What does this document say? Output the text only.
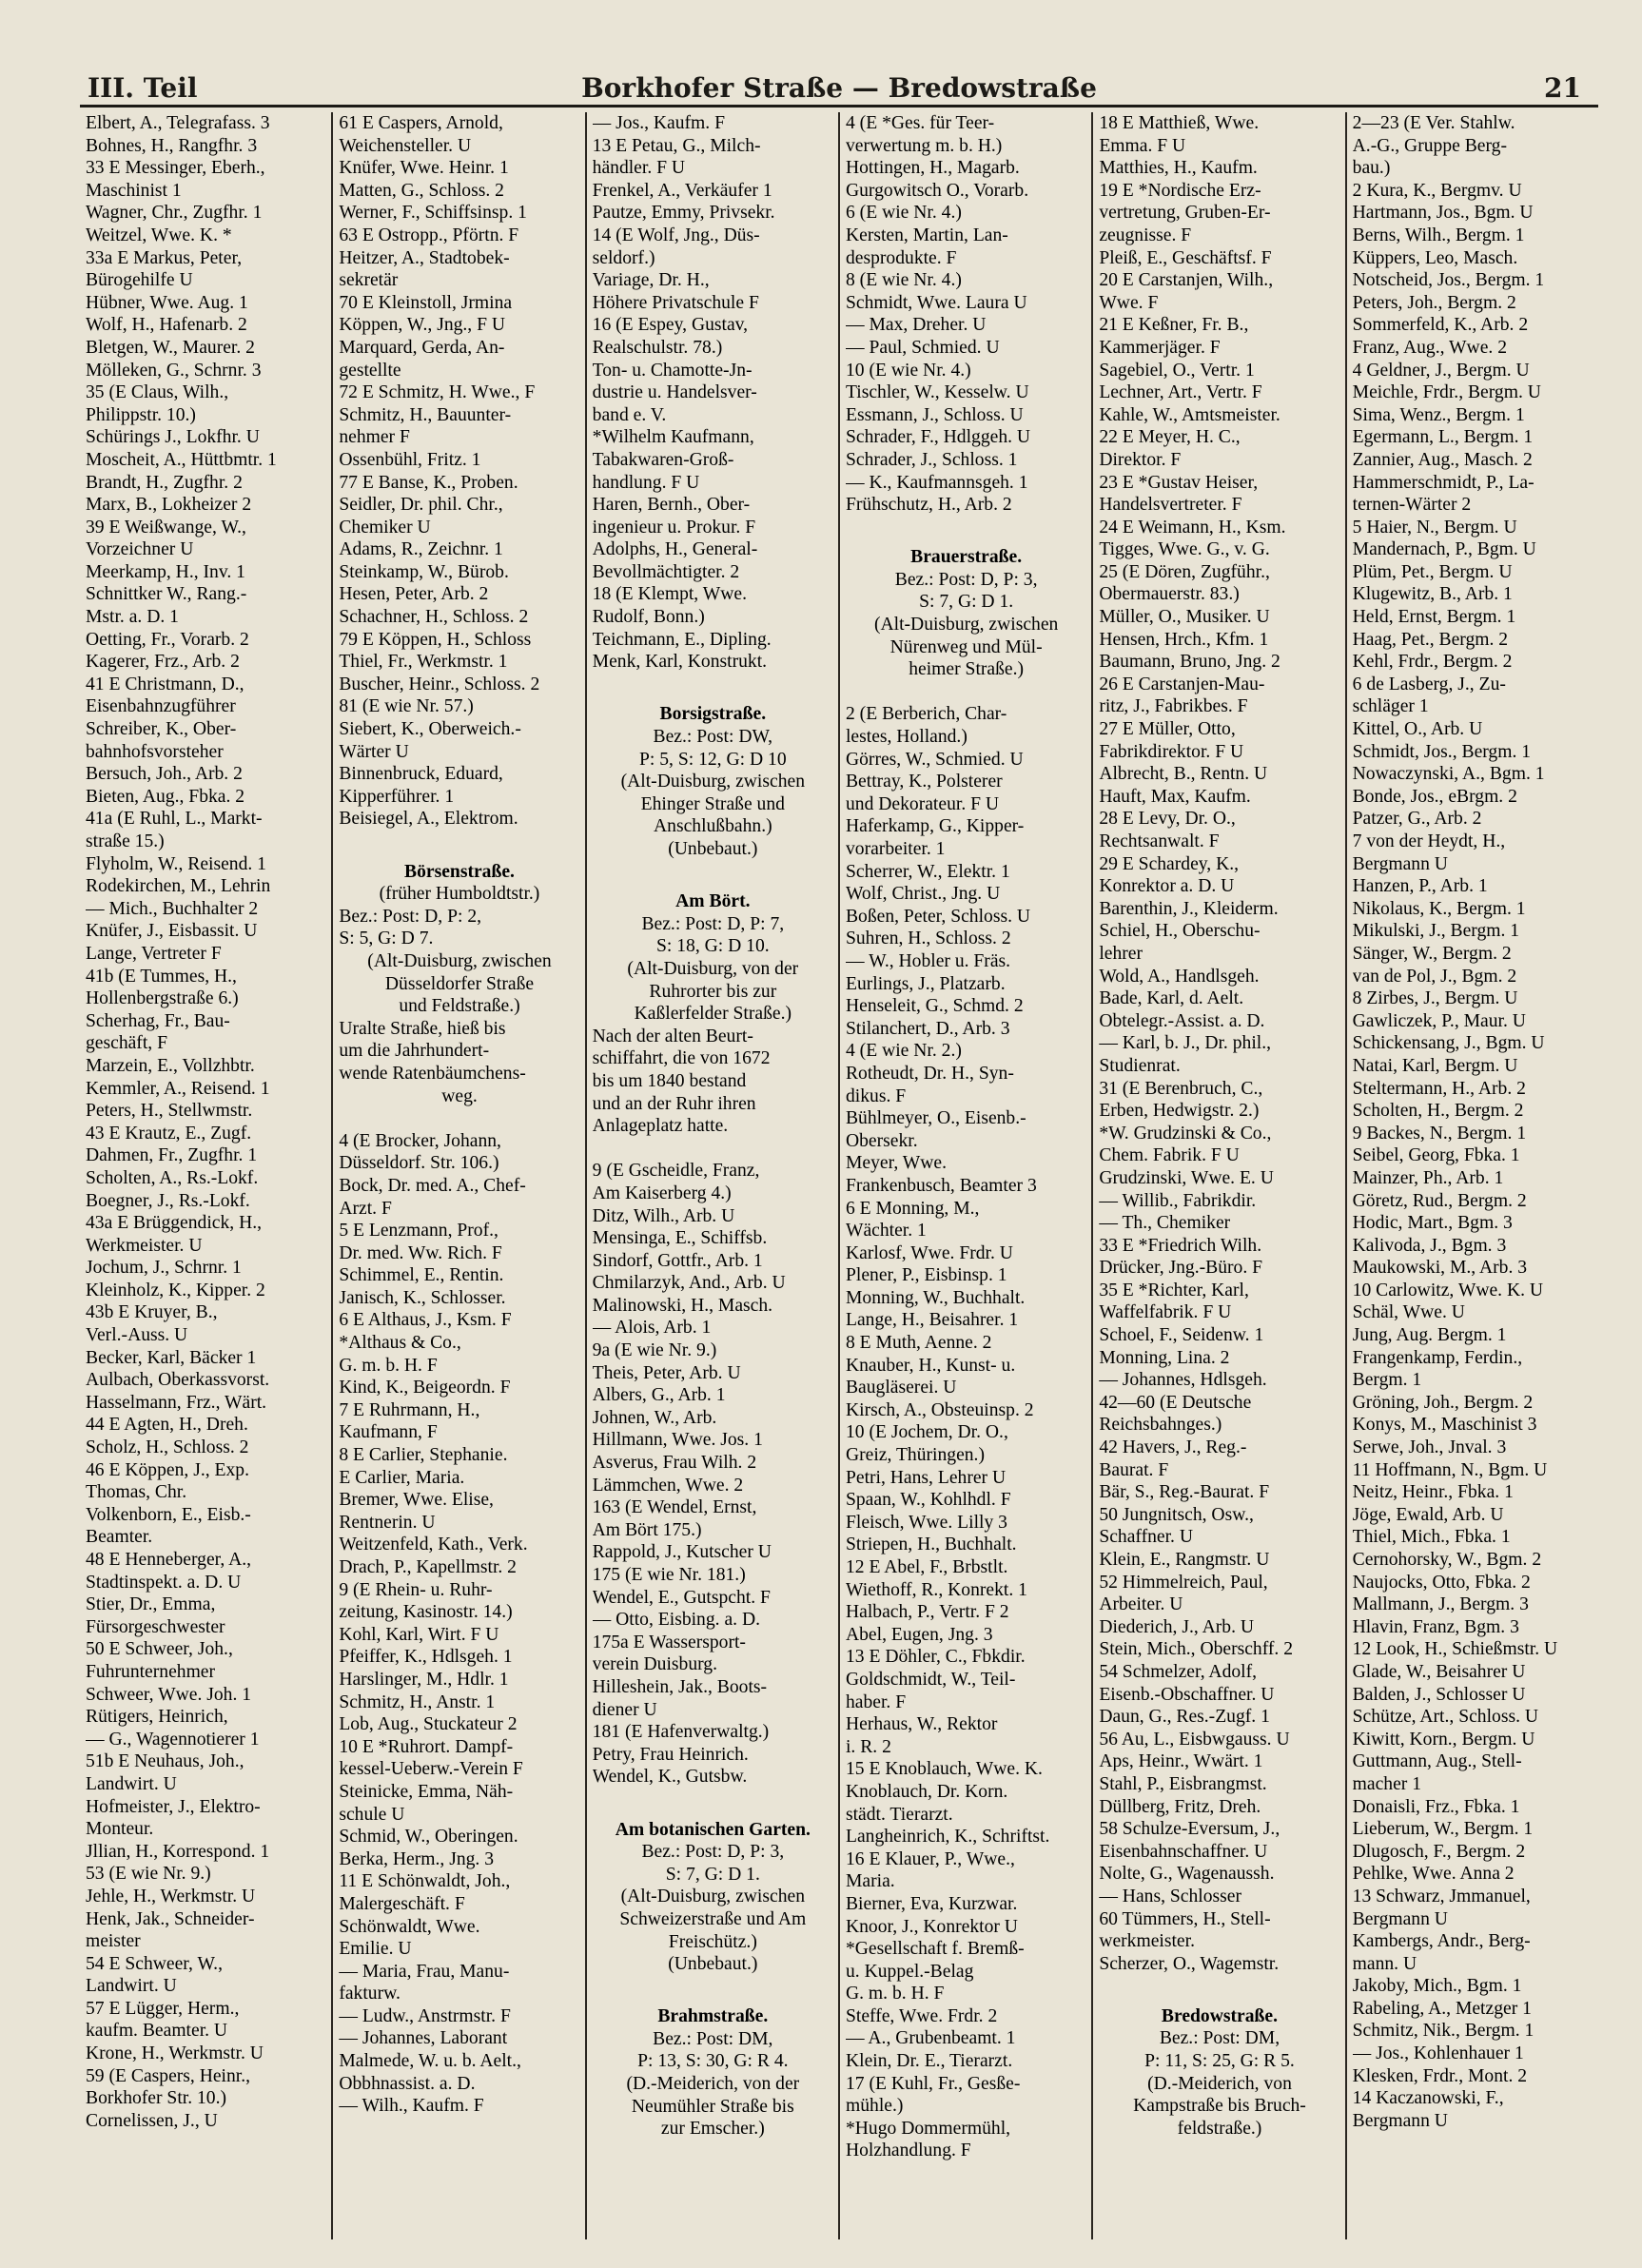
III. Teil	Borkhofer Straße — Bredowstraße	21
Elbert, A., Telegrafass. 3
Bohnes, H., Rangfhr. 3
33 E Messinger, Eberh.,
Maschinist 1
Wagner, Chr., Zugfhr. 1
Weitzel, Wwe. K. *
33a E Markus, Peter,
Bürogehilfe U
Hübner, Wwe. Aug. 1
Wolf, H., Hafenarb. 2
Bletgen, W., Maurer. 2
Mölleken, G., Schrnr. 3
35 (E Claus, Wilh.,
Philippstr. 10.)
Schürings J., Lokfhr. U
Moscheit, A., Hüttbmtr. 1
Brandt, H., Zugfhr. 2
Marx, B., Lokheizer 2
39 E Weißwange, W.,
Vorzeichner U
Meerkamp, H., Inv. 1
Schnittker W., Rang.-
Mstr. a. D. 1
Oetting, Fr., Vorarb. 2
Kagerer, Frz., Arb. 2
41 E Christmann, D.,
Eisenbahnzugführer
Schreiber, K., Ober-
bahnhofsvorsteher
Bersuch, Joh., Arb. 2
Bieten, Aug., Fbka. 2
41a (E Ruhl, L., Markt-
straße 15.)
Flyholm, W., Reisend. 1
Rodekirchen, M., Lehrin
— Mich., Buchhalter 2
Knüfer, J., Eisbassit. U
Lange, Vertreter F
41b (E Tummes, H.,
Hollenbergstraße 6.)
Scherhag, Fr., Bau-
geschäft, F
Marzein, E., Vollzhbtr.
Kemmler, A., Reisend. 1
Peters, H., Stellwmstr.
43 E Krautz, E., Zugf.
Dahmen, Fr., Zugfhr. 1
Scholten, A., Rs.-Lokf.
Boegner, J., Rs.-Lokf.
43a E Brüggendick, H.,
Werkmeister. U
Jochum, J., Schrnr. 1
Kleinholz, K., Kipper. 2
43b E Kruyer, B.,
Verl.-Auss. U
Becker, Karl, Bäcker 1
Aulbach, Oberkassvorst.
Hasselmann, Frz., Wärt.
44 E Agten, H., Dreh.
Scholz, H., Schloss. 2
46 E Köppen, J., Exp.
Thomas, Chr.
Volkenborn, E., Eisb.-
Beamter.
48 E Henneberger, A.,
Stadtinspekt. a. D. U
Stier, Dr., Emma,
Fürsorgeschwester
50 E Schweer, Joh.,
Fuhrunternehmer
Schweer, Wwe. Joh. 1
Rütigers, Heinrich,
— G., Wagennotierer 1
51b E Neuhaus, Joh.,
Landwirt. U
Hofmeister, J., Elektro-
Monteur.
Jllian, H., Korrespond. 1
53 (E wie Nr. 9.)
Jehle, H., Werkmstr. U
Henk, Jak., Schneider-
meister
54 E Schweer, W.,
Landwirt. U
57 E Lügger, Herm.,
kaufm. Beamter. U
Krone, H., Werkmstr. U
59 (E Caspers, Heinr.,
Borkhofer Str. 10.)
Cornelissen, J., U
61 E Caspers, Arnold,
Weichensteller. U
Knüfer, Wwe. Heinr. 1
Matten, G., Schloss. 2
Werner, F., Schiffsinsp. 1
63 E Ostropp., Pförtn. F
Heitzer, A., Stadtobek-
sekretär
70 E Kleinstoll, Jrmina
Köppen, W., Jng., F U
Marquard, Gerda, An-
gestellte
72 E Schmitz, H. Wwe., F
Schmitz, H., Bauunter-
nehmer F
Ossenbühl, Fritz. 1
77 E Banse, K., Proben.
Seidler, Dr. phil. Chr.,
Chemiker U
Adams, R., Zeichnr. 1
Steinkamp, W., Bürob.
Hesen, Peter, Arb. 2
Schachner, H., Schloss. 2
79 E Köppen, H., Schloss
Thiel, Fr., Werkmstr. 1
Buscher, Heinr., Schloss. 2
81 (E wie Nr. 57.)
Siebert, K., Oberweich.-
Wärter U
Binnenbruck, Eduard,
Kipperführer. 1
Beisiegel, A., Elektrom.

Börsenstraße.
(früher Humboldtstr.)
Bez.: Post: D, P: 2,
S: 5, G: D 7.
(Alt-Duisburg, zwischen
Düsseldorfer Straße
und Feldstraße.)
Uralte Straße, hieß bis
um die Jahrhundert-
wende Ratenbäumchens-
weg.

4 (E Brocker, Johann,
Düsseldorf. Str. 106.)
Bock, Dr. med. A., Chef-
Arzt. F
5 E Lenzmann, Prof.,
Dr. med. Ww. Rich. F
Schimmel, E., Rentin.
Janisch, K., Schlosser.
6 E Althaus, J., Ksm. F
*Althaus & Co.,
G. m. b. H. F
Kind, K., Beigeordn. F
7 E Ruhrmann, H.,
Kaufmann, F
8 E Carlier, Stephanie.
E Carlier, Maria.
Bremer, Wwe. Elise,
Rentnerin. U
Weitzenfeld, Kath., Verk.
Drach, P., Kapellmstr. 2
9 (E Rhein- u. Ruhr-
zeitung, Kasinostr. 14.)
Kohl, Karl, Wirt. F U
Pfeiffer, K., Hdlsgeh. 1
Harslinger, M., Hdlr. 1
Schmitz, H., Anstr. 1
Lob, Aug., Stuckateur 2
10 E *Ruhrort. Dampf-
kessel-Ueberw.-Verein F
Steinicke, Emma, Näh-
schule U
Schmid, W., Oberingen.
Berka, Herm., Jng. 3
11 E Schönwaldt, Joh.,
Malergeschäft. F
Schönwaldt, Wwe.
Emilie. U
— Maria, Frau, Manu-
fakturw.
— Ludw., Anstrmstr. F
— Johannes, Laborant
Malmede, W. u. b. Aelt.,
Obbhnassist. a. D.
— Wilh., Kaufm. F
— Jos., Kaufm. F
13 E Petau, G., Milch-
händler. F U
Frenkel, A., Verkäufer 1
Pautze, Emmy, Privsekr.
14 (E Wolf, Jng., Düs-
seldorf.)
Variage, Dr. H.,
Höhere Privatschule F
16 (E Espey, Gustav,
Realschulstr. 78.)
Ton- u. Chamotte-Jn-
dustrie u. Handelsver-
band e. V.
*Wilhelm Kaufmann,
Tabakwaren-Groß-
handlung. F U
Haren, Bernh., Ober-
ingenieur u. Prokur. F
Adolphs, H., General-
Bevollmächtigter. 2
18 (E Klempt, Wwe.
Rudolf, Bonn.)
Teichmann, E., Dipling.
Menk, Karl, Konstrukt.

Borsigstraße.
Bez.: Post: DW,
P: 5, S: 12, G: D 10
(Alt-Duisburg, zwischen
Ehinger Straße und
Anschlußbahn.)
(Unbebaut.)

Am Bört.
Bez.: Post: D, P: 7,
S: 18, G: D 10.
(Alt-Duisburg, von der
Ruhrorter bis zur
Kaßlerfelder Straße.)
Nach der alten Beurt-
schiffahrt, die von 1672
bis um 1840 bestand
und an der Ruhr ihren
Anlageplatz hatte.

9 (E Gscheidle, Franz,
Am Kaiserberg 4.)
Ditz, Wilh., Arb. U
Mensinga, E., Schiffsb.
Sindorf, Gottfr., Arb. 1
Chmilarzyk, And., Arb. U
Malinowski, H., Masch.
— Alois, Arb. 1
9a (E wie Nr. 9.)
Theis, Peter, Arb. U
Albers, G., Arb. 1
Johnen, W., Arb.
Hillmann, Wwe. Jos. 1
Asverus, Frau Wilh. 2
Lämmchen, Wwe. 2
163 (E Wendel, Ernst,
Am Bört 175.)
Rappold, J., Kutscher U
175 (E wie Nr. 181.)
Wendel, E., Gutspcht. F
— Otto, Eisbing. a. D.
175a E Wassersport-
verein Duisburg.
Hilleshein, Jak., Boots-
diener U
181 (E Hafenverwaltg.)
Petry, Frau Heinrich.
Wendel, K., Gutsbw.

Am botanischen Garten.
Bez.: Post: D, P: 3,
S: 7, G: D 1.
(Alt-Duisburg, zwischen
Schweizerstraße und Am
Freischütz.)
(Unbebaut.)

Brahmstraße.
Bez.: Post: DM,
P: 13, S: 30, G: R 4.
(D.-Meiderich, von der
Neumühler Straße bis
zur Emscher.)
4 (E *Ges. für Teer-
verwertung m. b. H.)
Hottingen, H., Magarb.
Gurgowitsch O., Vorarb.
6 (E wie Nr. 4.)
Kersten, Martin, Lan-
desprodukte. F
8 (E wie Nr. 4.)
Schmidt, Wwe. Laura U
— Max, Dreher. U
— Paul, Schmied. U
10 (E wie Nr. 4.)
Tischler, W., Kesselw. U
Essmann, J., Schloss. U
Schrader, F., Hdlggeh. U
Schrader, J., Schloss. 1
— K., Kaufmannsgeh. 1
Frühschutz, H., Arb. 2

Brauerstraße.
Bez.: Post: D, P: 3,
S: 7, G: D 1.
(Alt-Duisburg, zwischen
Nürenweg und Mül-
heimer Straße.)

2 (E Berberich, Char-
lestes, Holland.)
Görres, W., Schmied. U
Bettray, K., Polsterer
und Dekorateur. F U
Haferkamp, G., Kipper-
vorarbeiter. 1
Scherrer, W., Elektr. 1
Wolf, Christ., Jng. U
Boßen, Peter, Schloss. U
Suhren, H., Schloss. 2
— W., Hobler u. Fräs.
Eurlings, J., Platzarb.
Henseleit, G., Schmd. 2
Stilanchert, D., Arb. 3
4 (E wie Nr. 2.)
Rotheudt, Dr. H., Syn-
dikus. F
Bühlmeyer, O., Eisenb.-
Obersekr.
Meyer, Wwe.
Frankenbusch, Beamter 3
6 E Monning, M.,
Wächter. 1
Karlosf, Wwe. Frdr. U
Plener, P., Eisbinsp. 1
Monning, W., Buchhalt.
Lange, H., Beisahrer. 1
8 E Muth, Aenne. 2
Knauber, H., Kunst- u.
Baugläserei. U
Kirsch, A., Obsteuinsp. 2
10 (E Jochem, Dr. O.,
Greiz, Thüringen.)
Petri, Hans, Lehrer U
Spaan, W., Kohlhdl. F
Fleisch, Wwe. Lilly 3
Striepen, H., Buchhalt.
12 E Abel, F., Brbstlt.
Wiethoff, R., Konrekt. 1
Halbach, P., Vertr. F 2
Abel, Eugen, Jng. 3
13 E Döhler, C., Fbkdir.
Goldschmidt, W., Teil-
haber. F
Herhaus, W., Rektor
i. R. 2
15 E Knoblauch, Wwe. K.
Knoblauch, Dr. Korn.
städt. Tierarzt.
Langheinrich, K., Schriftst.
16 E Klauer, P., Wwe.,
Maria.
Bierner, Eva, Kurzwar.
Knoor, J., Konrektor U
*Gesellschaft f. Bremß-
u. Kuppel.-Belag
G. m. b. H. F
Steffe, Wwe. Frdr. 2
— A., Grubenbeamt. 1
Klein, Dr. E., Tierarzt.
17 (E Kuhl, Fr., Gesße-
mühle.)
*Hugo Dommermühl,
Holzhandlung. F
18 E Matthieß, Wwe.
Emma. F U
Matthies, H., Kaufm.
19 E *Nordische Erz-
vertretung, Gruben-Er-
zeugnisse. F
Pleiß, E., Geschäftsf. F
20 E Carstanjen, Wilh.,
Wwe. F
21 E Keßner, Fr. B.,
Kammerjäger. F
Sagebiel, O., Vertr. 1
Lechner, Art., Vertr. F
Kahle, W., Amtsmeister.
22 E Meyer, H. C.,
Direktor. F
23 E *Gustav Heiser,
Handelsvertreter. F
24 E Weimann, H., Ksm.
Tigges, Wwe. G., v. G.
25 (E Dören, Zugführ.,
Obermauerstr. 83.)
Müller, O., Musiker. U
Hensen, Hrch., Kfm. 1
Baumann, Bruno, Jng. 2
26 E Carstanjen-Mau-
ritz, J., Fabrikbes. F
27 E Müller, Otto,
Fabrikdirektor. F U
Albrecht, B., Rentn. U
Hauft, Max, Kaufm.
28 E Levy, Dr. O.,
Rechtsanwalt. F
29 E Schardey, K.,
Konrektor a. D. U
Barenthin, J., Kleiderm.
Schiel, H., Oberschu-
lehrer
Wold, A., Handlsgeh.
Bade, Karl, d. Aelt.
Obtelegr.-Assist. a. D.
— Karl, b. J., Dr. phil.,
Studienrat.
31 (E Berenbruch, C.,
Erben, Hedwigstr. 2.)
*W. Grudzinski & Co.,
Chem. Fabrik. F U
Grudzinski, Wwe. E. U
— Willib., Fabrikdir.
— Th., Chemiker
33 E *Friedrich Wilh.
Drücker, Jng.-Büro. F
35 E *Richter, Karl,
Waffelfabrik. F U
Schoel, F., Seidenw. 1
Monning, Lina. 2
— Johannes, Hdlsgeh.
42—60 (E Deutsche
Reichsbahnges.)
42 Havers, J., Reg.-
Baurat. F
Bär, S., Reg.-Baurat. F
50 Jungnitsch, Osw.,
Schaffner. U
Klein, E., Rangmstr. U
52 Himmelreich, Paul,
Arbeiter. U
Diederich, J., Arb. U
Stein, Mich., Oberschff. 2
54 Schmelzer, Adolf,
Eisenb.-Obschaffner. U
Daun, G., Res.-Zugf. 1
56 Au, L., Eisbwgauss. U
Aps, Heinr., Wwärt. 1
Stahl, P., Eisbrangmst.
Düllberg, Fritz, Dreh.
58 Schulze-Eversum, J.,
Eisenbahnschaffner. U
Nolte, G., Wagenaussh.
— Hans, Schlosser
60 Tümmers, H., Stell-
werkmeister.
Scherzer, O., Wagemstr.

Bredowstraße.
Bez.: Post: DM,
P: 11, S: 25, G: R 5.
(D.-Meiderich, von
Kampstraße bis Bruch-
feldstraße.)
2—23 (E Ver. Stahlw.
A.-G., Gruppe Berg-
bau.)
2 Kura, K., Bergmv. U
Hartmann, Jos., Bgm. U
Berns, Wilh., Bergm. 1
Küppers, Leo, Masch.
Notscheid, Jos., Bergm. 1
Peters, Joh., Bergm. 2
Sommerfeld, K., Arb. 2
Franz, Aug., Wwe. 2
4 Geldner, J., Bergm. U
Meichle, Frdr., Bergm. U
Sima, Wenz., Bergm. 1
Egermann, L., Bergm. 1
Zannier, Aug., Masch. 2
Hammerschmidt, P., La-
ternen-Wärter 2
5 Haier, N., Bergm. U
Mandernach, P., Bgm. U
Plüm, Pet., Bergm. U
Klugewitz, B., Arb. 1
Held, Ernst, Bergm. 1
Haag, Pet., Bergm. 2
Kehl, Frdr., Bergm. 2
6 de Lasberg, J., Zu-
schläger 1
Kittel, O., Arb. U
Schmidt, Jos., Bergm. 1
Nowaczynski, A., Bgm. 1
Bonde, Jos., eBrgm. 2
Patzer, G., Arb. 2
7 von der Heydt, H.,
Bergmann U
Hanzen, P., Arb. 1
Nikolaus, K., Bergm. 1
Mikulski, J., Bergm. 1
Sänger, W., Bergm. 2
van de Pol, J., Bgm. 2
8 Zirbes, J., Bergm. U
Gawliczek, P., Maur. U
Schickensang, J., Bgm. U
Natai, Karl, Bergm. U
Steltermann, H., Arb. 2
Scholten, H., Bergm. 2
9 Backes, N., Bergm. 1
Seibel, Georg, Fbka. 1
Mainzer, Ph., Arb. 1
Göretz, Rud., Bergm. 2
Hodic, Mart., Bgm. 3
Kalivoda, J., Bgm. 3
Maukowski, M., Arb. 3
10 Carlowitz, Wwe. K. U
Schäl, Wwe. U
Jung, Aug. Bergm. 1
Frangenkamp, Ferdin.,
Bergm. 1
Gröning, Joh., Bergm. 2
Konys, M., Maschinist 3
Serwe, Joh., Jnval. 3
11 Hoffmann, N., Bgm. U
Neitz, Heinr., Fbka. 1
Jöge, Ewald, Arb. U
Thiel, Mich., Fbka. 1
Cernohorsky, W., Bgm. 2
Naujocks, Otto, Fbka. 2
Mallmann, J., Bergm. 3
Hlavin, Franz, Bgm. 3
12 Look, H., Schießmstr. U
Glade, W., Beisahrer U
Balden, J., Schlosser U
Schütze, Art., Schloss. U
Kiwitt, Korn., Bergm. U
Guttmann, Aug., Stell-
macher 1
Donaisli, Frz., Fbka. 1
Lieberum, W., Bergm. 1
Dlugosch, F., Bergm. 2
Pehlke, Wwe. Anna 2
13 Schwarz, Jmmanuel,
Bergmann U
Kambergs, Andr., Berg-
mann. U
Jakoby, Mich., Bgm. 1
Rabeling, A., Metzger 1
Schmitz, Nik., Bergm. 1
— Jos., Kohlenhauer 1
Klesken, Frdr., Mont. 2
14 Kaczanowski, F.,
Bergmann U
